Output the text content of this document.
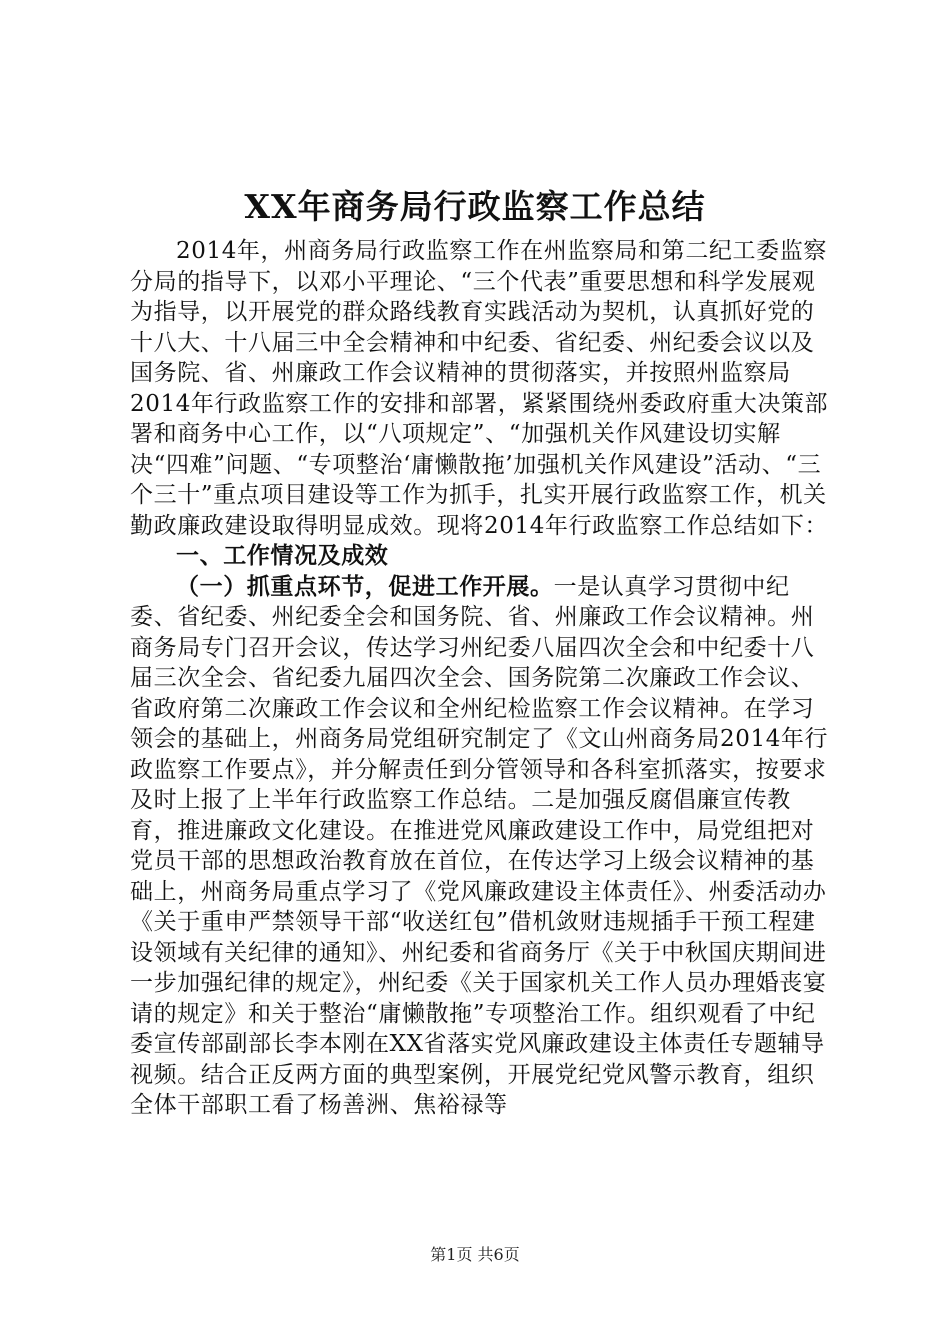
XX年商务局行政监察工作总结

2014年，州商务局行政监察工作在州监察局和第二纪工委监察分局的指导下，以邓小平理论、“三个代表”重要思想和科学发展观为指导，以开展党的群众路线教育实践活动为契机，认真抓好党的十八大、十八届三中全会精神和中纪委、省纪委、州纪委会议以及国务院、省、州廉政工作会议精神的贯彻落实，并按照州监察局2014年行政监察工作的安排和部署，紧紧围绕州委政府重大决策部署和商务中心工作，以“八项规定”、“加强机关作风建设切实解决“四难”问题、“专项整治‘庸懒散拖’加强机关作风建设”活动、“三个三十”重点项目建设等工作为抓手，扎实开展行政监察工作，机关勤政廉政建设取得明显成效。现将2014年行政监察工作总结如下：

一、工作情况及成效

（一）抓重点环节，促进工作开展。一是认真学习贯彻中纪委、省纪委、州纪委全会和国务院、省、州廉政工作会议精神。州商务局专门召开会议，传达学习州纪委八届四次全会和中纪委十八届三次全会、省纪委九届四次全会、国务院第二次廉政工作会议、省政府第二次廉政工作会议和全州纪检监察工作会议精神。在学习领会的基础上，州商务局党组研究制定了《文山州商务局2014年行政监察工作要点》，并分解责任到分管领导和各科室抓落实，按要求及时上报了上半年行政监察工作总结。二是加强反腐倡廉宣传教育，推进廉政文化建设。在推进党风廉政建设工作中，局党组把对党员干部的思想政治教育放在首位，在传达学习上级会议精神的基础上，州商务局重点学习了《党风廉政建设主体责任》、州委活动办《关于重申严禁领导干部“收送红包”借机敛财违规插手干预工程建设领域有关纪律的通知》、州纪委和省商务厅《关于中秋国庆期间进一步加强纪律的规定》，州纪委《关于国家机关工作人员办理婚丧宴请的规定》和关于整治“庸懒散拖”专项整治工作。组织观看了中纪委宣传部副部长李本刚在XX省落实党风廉政建设主体责任专题辅导视频。结合正反两方面的典型案例，开展党纪党风警示教育，组织全体干部职工看了杨善洲、焦裕禄等

第1页 共6页
